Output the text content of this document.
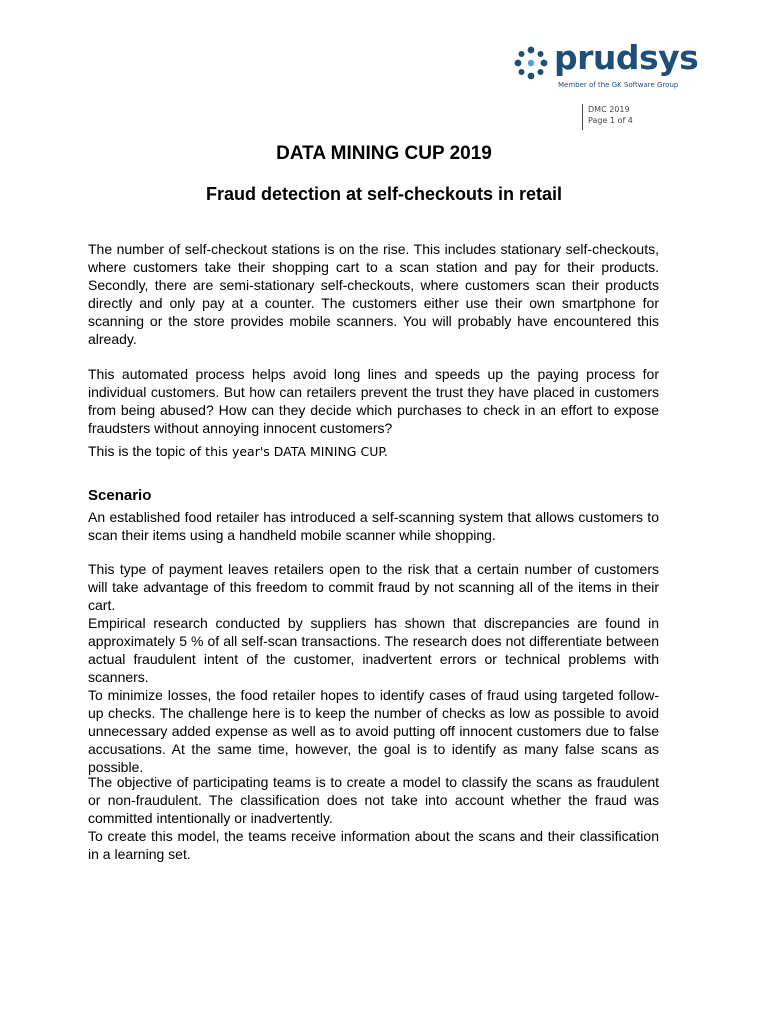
prudsys
Member of the GK Software Group
DMC 2019
Page 1 of 4
DATA MINING CUP 2019
Fraud detection at self-checkouts in retail

The number of self-checkout stations is on the rise. This includes stationary self-checkouts, where customers take their shopping cart to a scan station and pay for their products. Secondly, there are semi-stationary self-checkouts, where customers scan their products directly and only pay at a counter. The customers either use their own smartphone for scanning or the store provides mobile scanners. You will probably have encountered this already.

This automated process helps avoid long lines and speeds up the paying process for individual customers. But how can retailers prevent the trust they have placed in customers from being abused? How can they decide which purchases to check in an effort to expose fraudsters without annoying innocent customers?

This is the topic of this year's DATA MINING CUP.

Scenario

An established food retailer has introduced a self-scanning system that allows customers to scan their items using a handheld mobile scanner while shopping.

This type of payment leaves retailers open to the risk that a certain number of customers will take advantage of this freedom to commit fraud by not scanning all of the items in their cart.

Empirical research conducted by suppliers has shown that discrepancies are found in approximately 5 % of all self-scan transactions. The research does not differentiate between actual fraudulent intent of the customer, inadvertent errors or technical problems with scanners.

To minimize losses, the food retailer hopes to identify cases of fraud using targeted follow-up checks. The challenge here is to keep the number of checks as low as possible to avoid unnecessary added expense as well as to avoid putting off innocent customers due to false accusations. At the same time, however, the goal is to identify as many false scans as possible.

The objective of participating teams is to create a model to classify the scans as fraudulent or non-fraudulent. The classification does not take into account whether the fraud was committed intentionally or inadvertently.

To create this model, the teams receive information about the scans and their classification in a learning set.
